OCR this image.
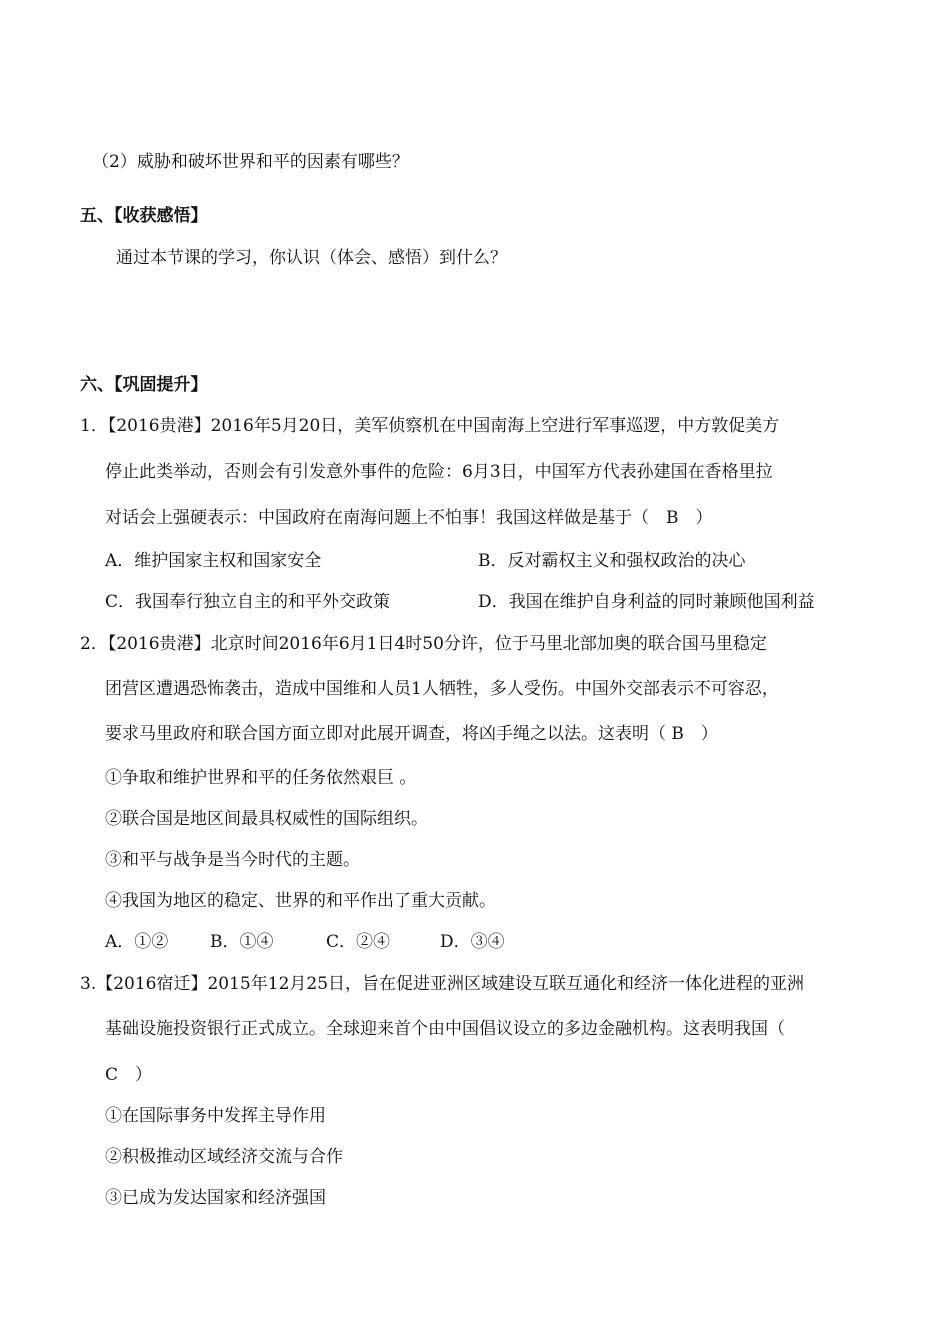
（2）威胁和破坏世界和平的因素有哪些？
五、【收获感悟】
通过本节课的学习，你认识（体会、感悟）到什么？
六、【巩固提升】
1．【2016贵港】2016年5月20日，美军侦察机在中国南海上空进行军事巡逻，中方敦促美方
停止此类举动，否则会有引发意外事件的危险：6月3日，中国军方代表孙建国在香格里拉
对话会上强硬表示：中国政府在南海问题上不怕事！我国这样做是基于（　B　）
A．维护国家主权和国家安全	B．反对霸权主义和强权政治的决心
C．我国奉行独立自主的和平外交政策	D．我国在维护自身利益的同时兼顾他国利益
2．【2016贵港】北京时间2016年6月1日4时50分许，位于马里北部加奥的联合国马里稳定
团营区遭遇恐怖袭击，造成中国维和人员1人牺牲，多人受伤。中国外交部表示不可容忍，
要求马里政府和联合国方面立即对此展开调查，将凶手绳之以法。这表明（ B　）
①争取和维护世界和平的任务依然艰巨 。
②联合国是地区间最具权威性的国际组织。
③和平与战争是当今时代的主题。
④我国为地区的稳定、世界的和平作出了重大贡献。
A．①② B．①④	C．②④	D．③④
3.【2016宿迁】2015年12月25日，旨在促进亚洲区域建设互联互通化和经济一体化进程的亚洲
基础设施投资银行正式成立。全球迎来首个由中国倡议设立的多边金融机构。这表明我国（
C　）
①在国际事务中发挥主导作用
②积极推动区域经济交流与合作
③已成为发达国家和经济强国
